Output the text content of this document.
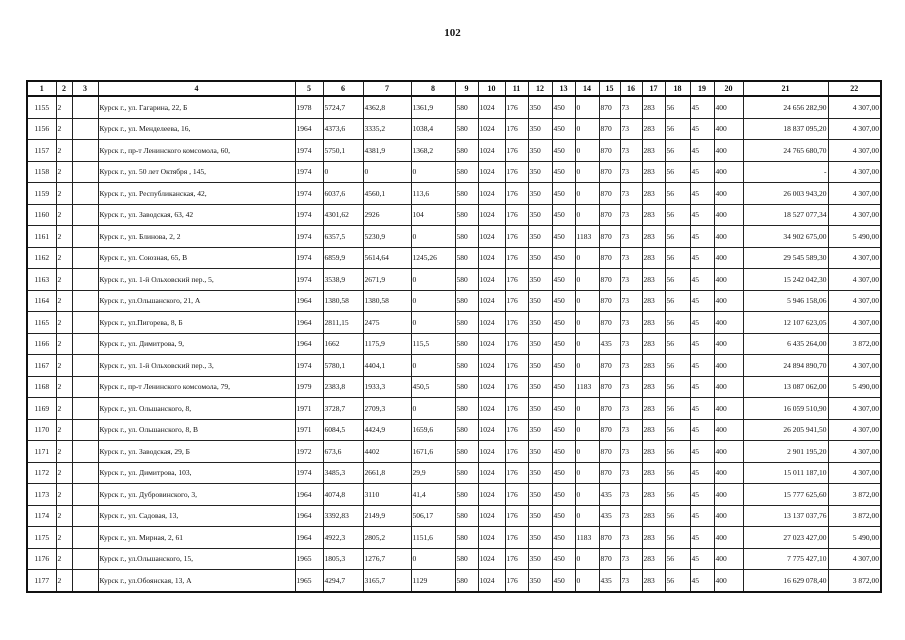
102
1	2	3	4	5	6	7	8	9	10	11	12	13	14	15	16	17	18	19	20	21	22
1155	2		Курск г., ул. Гагарина, 22, Б	1978	5724,7	4362,8	1361,9	580	1024	176	350	450	0	870	73	283	56	45	400	24 656 282,90	4 307,00
1156	2		Курск г., ул. Менделеева, 16,	1964	4373,6	3335,2	1038,4	580	1024	176	350	450	0	870	73	283	56	45	400	18 837 095,20	4 307,00
1157	2		Курск г., пр-т Ленинского комсомола, 60,	1974	5750,1	4381,9	1368,2	580	1024	176	350	450	0	870	73	283	56	45	400	24 765 680,70	4 307,00
1158	2		Курск г., ул. 50 лет Октября , 145,	1974	0	0	0	580	1024	176	350	450	0	870	73	283	56	45	400	-	4 307,00
1159	2		Курск г., ул. Республиканская, 42,	1974	6037,6	4560,1	113,6	580	1024	176	350	450	0	870	73	283	56	45	400	26 003 943,20	4 307,00
1160	2		Курск г., ул. Заводская, 63, 42	1974	4301,62	2926	104	580	1024	176	350	450	0	870	73	283	56	45	400	18 527 077,34	4 307,00
1161	2		Курск г., ул. Блинова, 2, 2	1974	6357,5	5230,9	0	580	1024	176	350	450	1183	870	73	283	56	45	400	34 902 675,00	5 490,00
1162	2		Курск г., ул. Союзная, 65, В	1974	6859,9	5614,64	1245,26	580	1024	176	350	450	0	870	73	283	56	45	400	29 545 589,30	4 307,00
1163	2		Курск г., ул. 1-й Ольховский пер., 5,	1974	3538,9	2671,9	0	580	1024	176	350	450	0	870	73	283	56	45	400	15 242 042,30	4 307,00
1164	2		Курск г., ул.Ольшанского, 21, А	1964	1380,58	1380,58	0	580	1024	176	350	450	0	870	73	283	56	45	400	5 946 158,06	4 307,00
1165	2		Курск г., ул.Пигорева, 8, Б	1964	2811,15	2475	0	580	1024	176	350	450	0	870	73	283	56	45	400	12 107 623,05	4 307,00
1166	2		Курск г., ул. Димитрова, 9,	1964	1662	1175,9	115,5	580	1024	176	350	450	0	435	73	283	56	45	400	6 435 264,00	3 872,00
1167	2		Курск г., ул. 1-й Ольховский пер., 3,	1974	5780,1	4404,1	0	580	1024	176	350	450	0	870	73	283	56	45	400	24 894 890,70	4 307,00
1168	2		Курск г., пр-т Ленинского комсомола, 79,	1979	2383,8	1933,3	450,5	580	1024	176	350	450	1183	870	73	283	56	45	400	13 087 062,00	5 490,00
1169	2		Курск г., ул. Ольшанского, 8,	1971	3728,7	2709,3	0	580	1024	176	350	450	0	870	73	283	56	45	400	16 059 510,90	4 307,00
1170	2		Курск г., ул. Ольшанского, 8, В	1971	6084,5	4424,9	1659,6	580	1024	176	350	450	0	870	73	283	56	45	400	26 205 941,50	4 307,00
1171	2		Курск г., ул. Заводская, 29, Б	1972	673,6	4402	1671,6	580	1024	176	350	450	0	870	73	283	56	45	400	2 901 195,20	4 307,00
1172	2		Курск г., ул. Димитрова, 103,	1974	3485,3	2661,8	29,9	580	1024	176	350	450	0	870	73	283	56	45	400	15 011 187,10	4 307,00
1173	2		Курск г., ул. Дубровинского, 3,	1964	4074,8	3110	41,4	580	1024	176	350	450	0	435	73	283	56	45	400	15 777 625,60	3 872,00
1174	2		Курск г., ул. Садовая, 13,	1964	3392,83	2149,9	506,17	580	1024	176	350	450	0	435	73	283	56	45	400	13 137 037,76	3 872,00
1175	2		Курск г., ул. Мирная, 2, 61	1964	4922,3	2805,2	1151,6	580	1024	176	350	450	1183	870	73	283	56	45	400	27 023 427,00	5 490,00
1176	2		Курск г., ул.Ольшанского, 15,	1965	1805,3	1276,7	0	580	1024	176	350	450	0	870	73	283	56	45	400	7 775 427,10	4 307,00
1177	2		Курск г., ул.Обоянская, 13, А	1965	4294,7	3165,7	1129	580	1024	176	350	450	0	435	73	283	56	45	400	16 629 078,40	3 872,00
